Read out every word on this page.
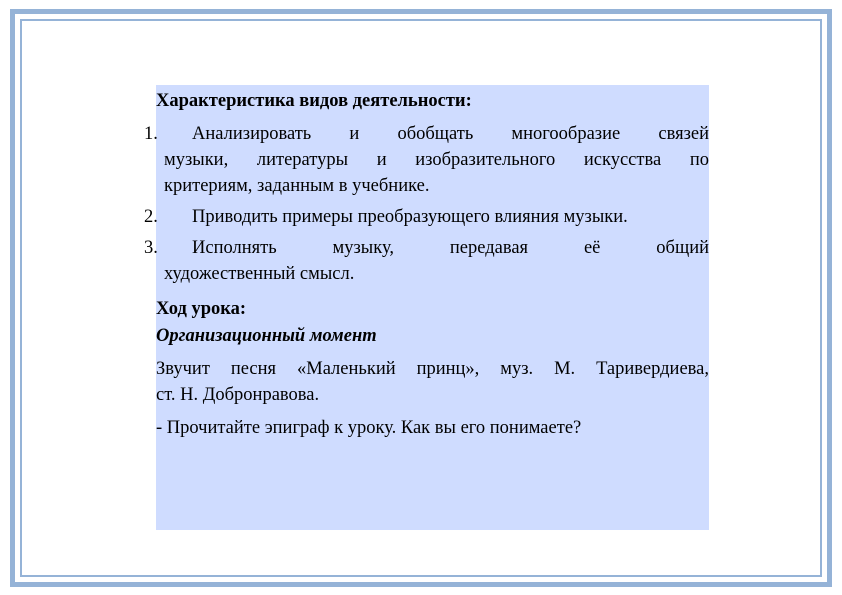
Характеристика видов деятельности:
1.	Анализировать и обобщать многообразие связей
музыки, литературы и изобразительного искусства по
критериям, заданным в учебнике.
2.	Приводить примеры преобразующего влияния музыки.
3.	Исполнять музыку, передавая её общий
художественный смысл.
Ход урока:
Организационный момент
Звучит песня «Маленький принц», муз. М. Таривердиева,
ст. Н. Добронравова.
- Прочитайте эпиграф к уроку. Как вы его понимаете?
